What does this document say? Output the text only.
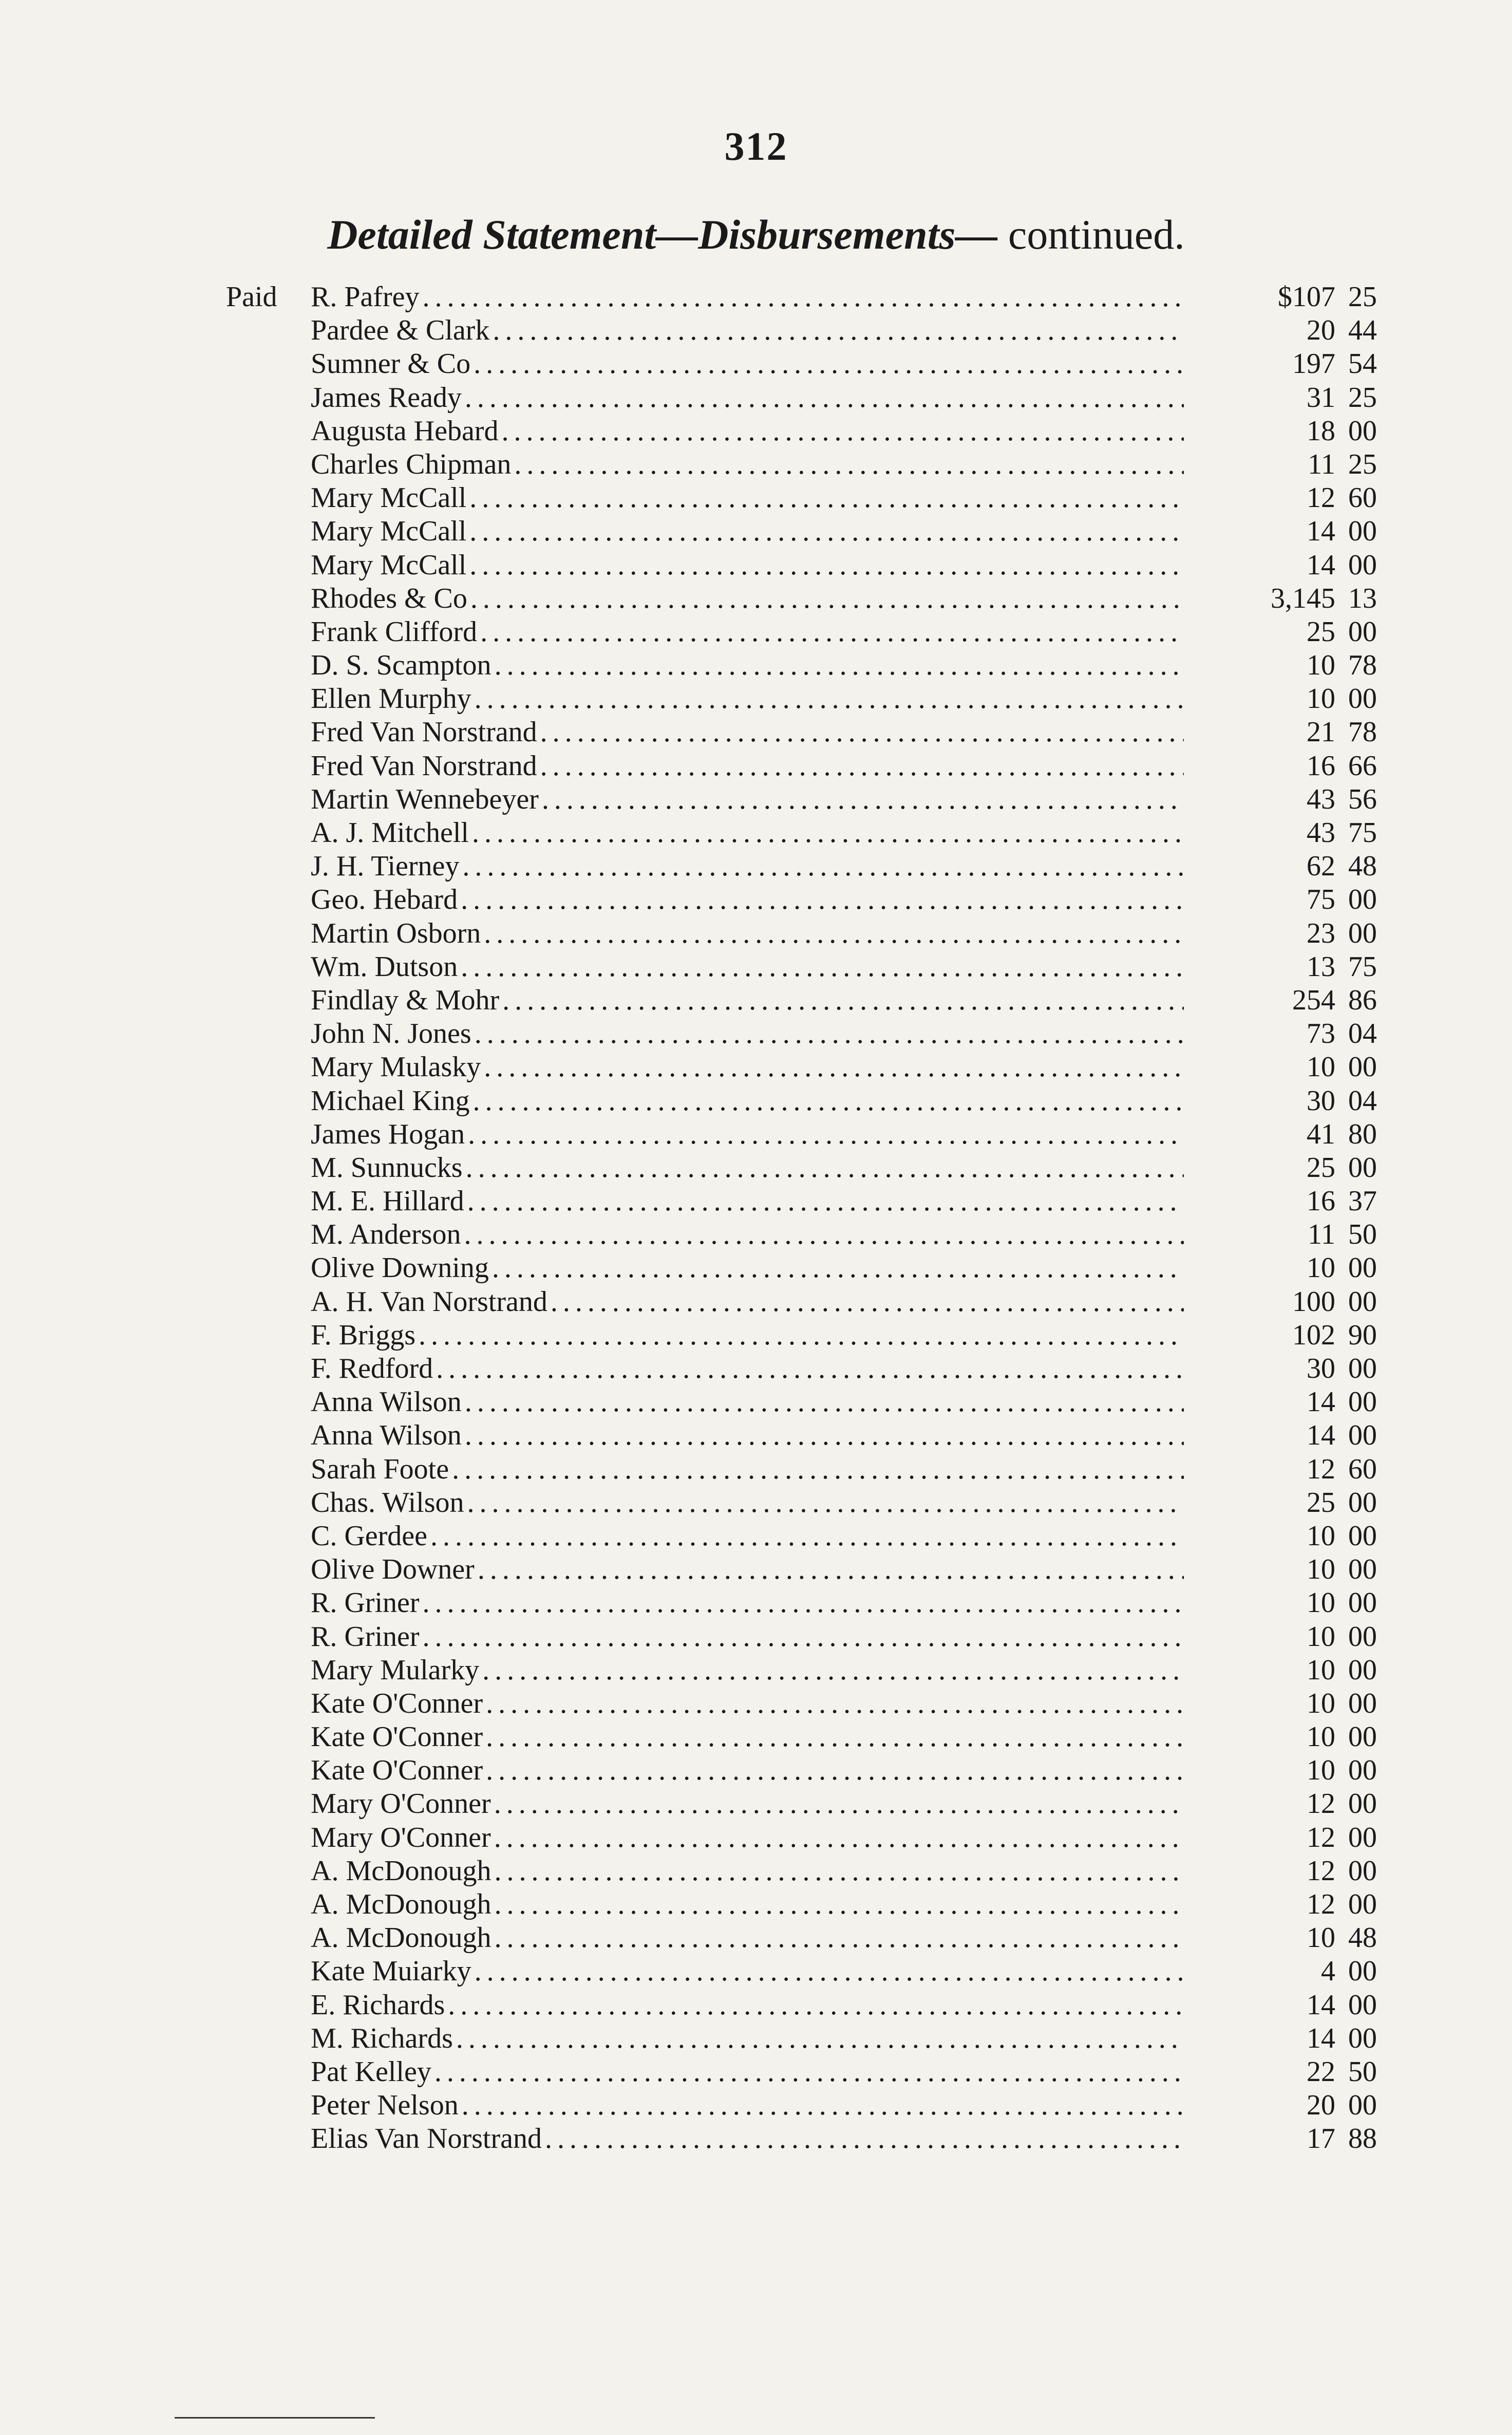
312
Detailed Statement—Disbursements— continued.
Paid R. Pafrey . . .	$107 25
Pardee & Clark . . .	20 44
Sumner & Co . . .	197 54
James Ready . . .	31 25
Augusta Hebard . . .	18 00
Charles Chipman . . .	11 25
Mary McCall . . .	12 60
Mary McCall . . .	14 00
Mary McCall . . .	14 00
Rhodes & Co . . .	3,145 13
Frank Clifford . . .	25 00
D. S. Scampton . . .	10 78
Ellen Murphy . . .	10 00
Fred Van Norstrand . . .	21 78
Fred Van Norstrand . . .	16 66
Martin Wennebeyer . . .	43 56
A. J. Mitchell . . .	43 75
J. H. Tierney . . .	62 48
Geo. Hebard . . .	75 00
Martin Osborn . . .	23 00
Wm. Dutson . . .	13 75
Findlay & Mohr . . .	254 86
John N. Jones . . .	73 04
Mary Mulasky . . .	10 00
Michael King . . .	30 04
James Hogan . . .	41 80
M. Sunnucks . . .	25 00
M. E. Hillard . . .	16 37
M. Anderson . . .	11 50
Olive Downing . . .	10 00
A. H. Van Norstrand . . .	100 00
F. Briggs . . .	102 90
F. Redford . . .	30 00
Anna Wilson . . .	14 00
Anna Wilson . . .	14 00
Sarah Foote . . .	12 60
Chas. Wilson . . .	25 00
C. Gerdee . . .	10 00
Olive Downer . . .	10 00
R. Griner . . .	10 00
R. Griner . . .	10 00
Mary Mularky . . .	10 00
Kate O'Conner . . .	10 00
Kate O'Conner . . .	10 00
Kate O'Conner . . .	10 00
Mary O'Conner . . .	12 00
Mary O'Conner . . .	12 00
A. McDonough . . .	12 00
A. McDonough . . .	12 00
A. McDonough . . .	10 48
Kate Muiarky . . .	4 00
E. Richards . . .	14 00
M. Richards . . .	14 00
Pat Kelley . . .	22 50
Peter Nelson . . .	20 00
Elias Van Norstrand . . .	17 88
